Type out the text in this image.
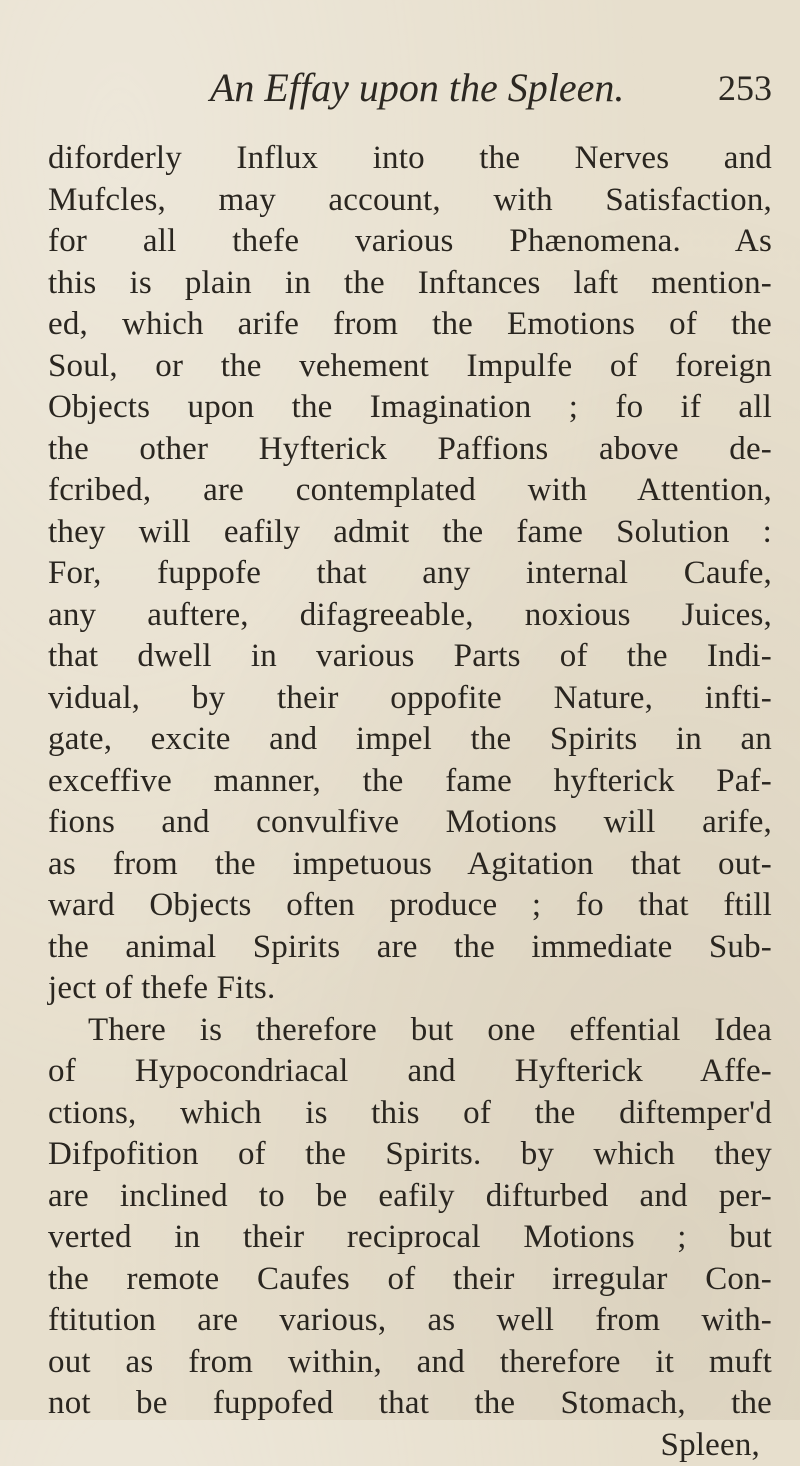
An Effay upon the Spleen.	253
diforderly Influx into the Nerves and
Mufcles, may account, with Satisfaction,
for all thefe various Phænomena. As
this is plain in the Inftances laft mention-
ed, which arife from the Emotions of the
Soul, or the vehement Impulfe of foreign
Objects upon the Imagination ; fo if all
the other Hyfterick Paffions above de-
fcribed, are contemplated with Attention,
they will eafily admit the fame Solution :
For, fuppofe that any internal Caufe,
any auftere, difagreeable, noxious Juices,
that dwell in various Parts of the Indi-
vidual, by their oppofite Nature, infti-
gate, excite and impel the Spirits in an
exceffive manner, the fame hyfterick Paf-
fions and convulfive Motions will arife,
as from the impetuous Agitation that out-
ward Objects often produce ; fo that ftill
the animal Spirits are the immediate Sub-
ject of thefe Fits.
There is therefore but one effential Idea
of Hypocondriacal and Hyfterick Affe-
ctions, which is this of the diftemper'd
Difpofition of the Spirits. by which they
are inclined to be eafily difturbed and per-
verted in their reciprocal Motions ; but
the remote Caufes of their irregular Con-
ftitution are various, as well from with-
out as from within, and therefore it muft
not be fuppofed that the Stomach, the
Spleen,
